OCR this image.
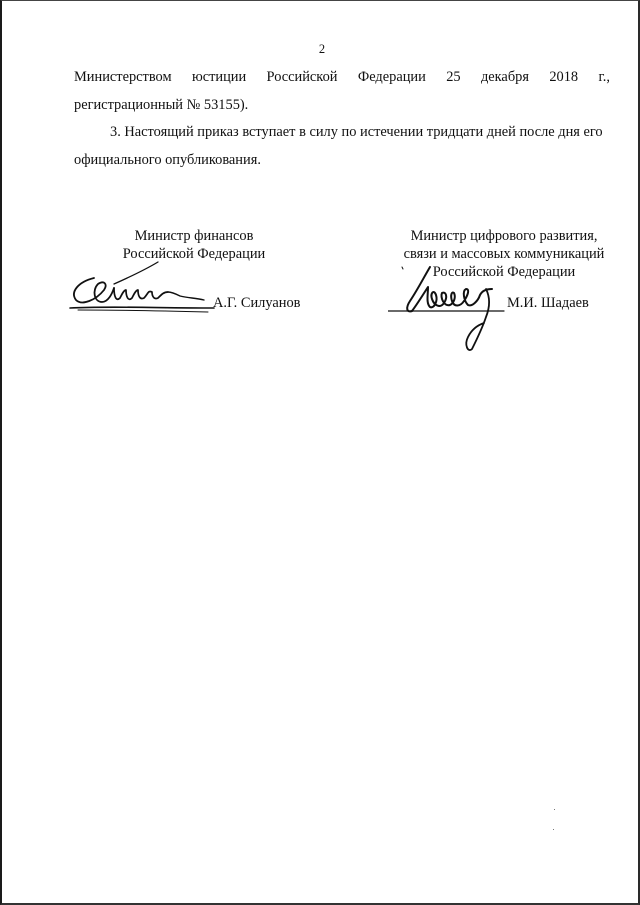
2
Министерством юстиции Российской Федерации 25 декабря 2018 г.,
регистрационный № 53155).
3. Настоящий приказ вступает в силу по истечении тридцати дней после дня его официального опубликования.
Министр финансов
Российской Федерации
А.Г. Силуанов
Министр цифрового развития,
связи и массовых коммуникаций
Российской Федерации
М.И. Шадаев
